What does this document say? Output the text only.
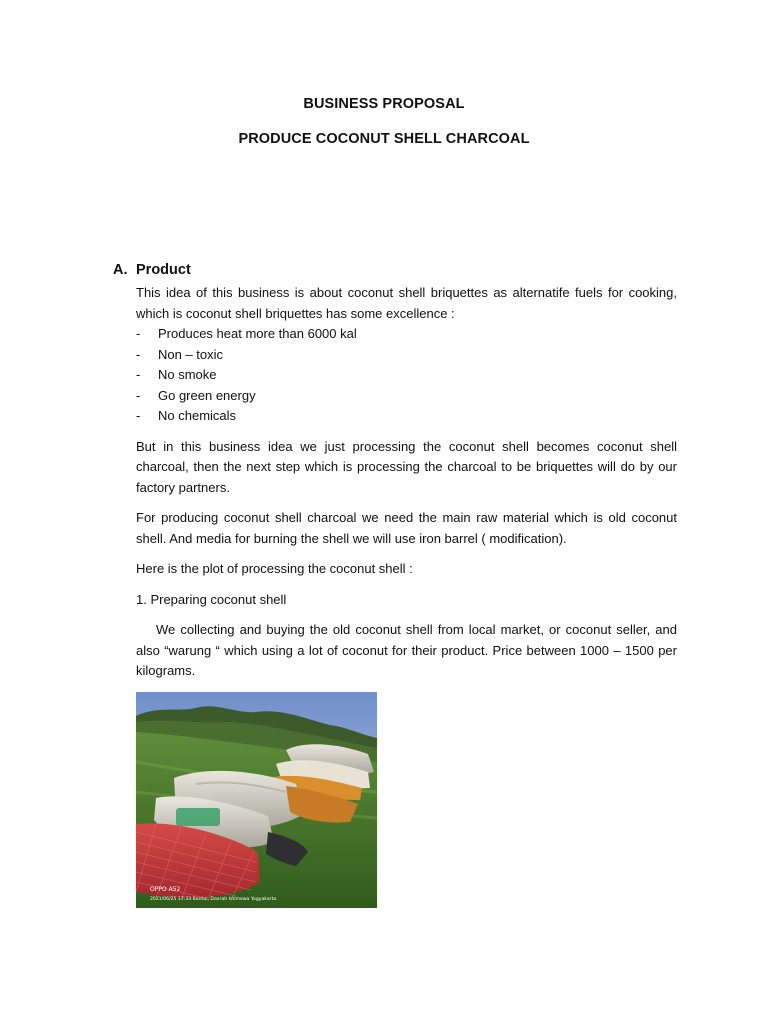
BUSINESS PROPOSAL
PRODUCE COCONUT SHELL CHARCOAL
A. Product

This idea of this business is about coconut shell briquettes as alternatife fuels for cooking, which is coconut shell briquettes has some excellence :

- Produces heat more than 6000 kal
- Non – toxic
- No smoke
- Go green energy
- No chemicals

But in this business idea we just processing the coconut shell becomes coconut shell charcoal, then the next step which is processing the charcoal to be briquettes will do by our factory partners.

For producing coconut shell charcoal we need the main raw material which is old coconut shell. And media for burning the shell we will use iron barrel ( modification).

Here is the plot of processing the coconut shell :

1. Preparing coconut shell

We collecting and buying the old coconut shell from local market, or coconut seller, and also “warung “ which using a lot of coconut for their product. Price between 1000 – 1500 per kilograms.

OPPO A52
2021/06/25 17:33 Bantul, Daerah Istimewa Yogyakarta
